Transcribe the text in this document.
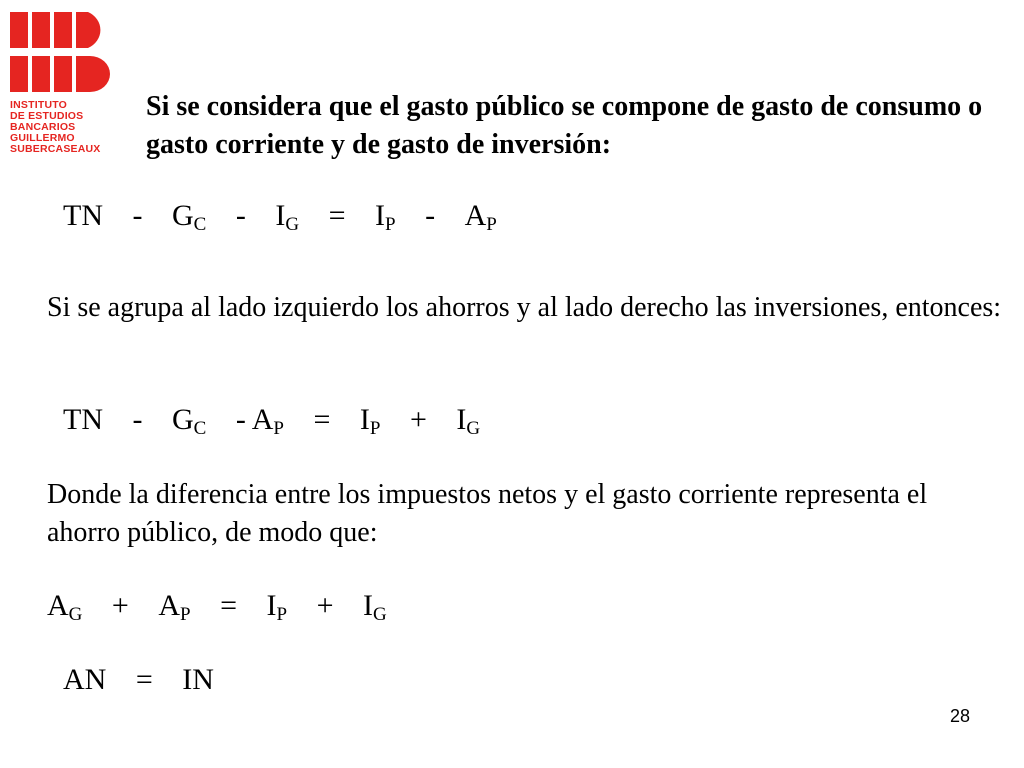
INSTITUTO
DE ESTUDIOS
BANCARIOS
GUILLERMO
SUBERCASEAUX
Si se considera que el gasto público se compone de gasto de consumo o gasto corriente y de gasto de inversión:
TN - $G_C - I_G = I_P - A_P$
Si se agrupa al lado izquierdo los ahorros y al lado derecho las inversiones, entonces:
TN - $G_C - A_P = I_P + I_G$
Donde la diferencia entre los impuestos netos y el gasto corriente representa el ahorro público, de modo que:
$A_G + A_P = I_P + I_G$
AN = IN
28
